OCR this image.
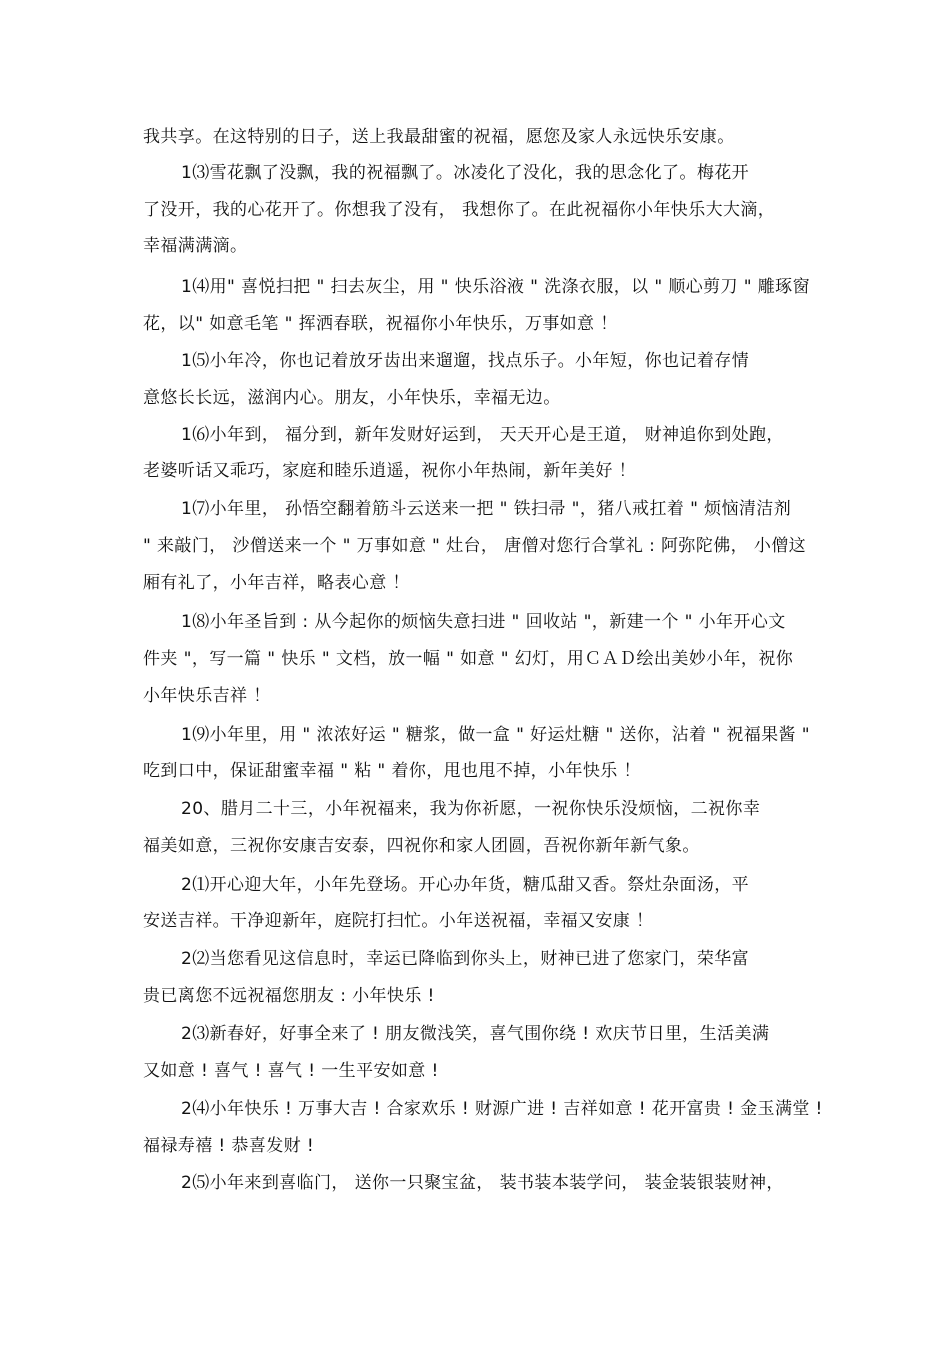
我共享。在这特别的日子，送上我最甜蜜的祝福，愿您及家人永远快乐安康。
1⑶雪花飘了没飘，我的祝福飘了。冰凌化了没化，我的思念化了。梅花开
了没开，我的心花开了。你想我了没有， 我想你了。在此祝福你小年快乐大大滴，
幸福满满滴。
1⑷用" 喜悦扫把 " 扫去灰尘，用 " 快乐浴液 " 洗涤衣服，以 " 顺心剪刀 " 雕琢窗
花，以" 如意毛笔 " 挥洒春联，祝福你小年快乐，万事如意 ！
1⑸小年冷，你也记着放牙齿出来遛遛，找点乐子。小年短，你也记着存情
意悠长长远，滋润内心。朋友，小年快乐，幸福无边。
1⑹小年到， 福分到，新年发财好运到， 天天开心是王道， 财神追你到处跑，
老婆听话又乖巧，家庭和睦乐逍遥，祝你小年热闹，新年美好 ！
1⑺小年里， 孙悟空翻着筋斗云送来一把 " 铁扫帚 "，猪八戒扛着 " 烦恼清洁剂
" 来敲门， 沙僧送来一个 " 万事如意 " 灶台， 唐僧对您行合掌礼 : 阿弥陀佛， 小僧这
厢有礼了，小年吉祥，略表心意 ！
1⑻小年圣旨到 : 从今起你的烦恼失意扫进 " 回收站 "，新建一个 " 小年开心文
件夹 "，写一篇 " 快乐 " 文档，放一幅 " 如意 " 幻灯，用ＣＡＤ绘出美妙小年，祝你
小年快乐吉祥 ！
1⑼小年里，用 " 浓浓好运 " 糖浆，做一盒 " 好运灶糖 " 送你，沾着 " 祝福果酱 "
吃到口中，保证甜蜜幸福 " 粘 " 着你，甩也甩不掉，小年快乐 ！
20、腊月二十三，小年祝福来，我为你祈愿，一祝你快乐没烦恼，二祝你幸
福美如意，三祝你安康吉安泰，四祝你和家人团圆，吾祝你新年新气象。
2⑴开心迎大年，小年先登场。开心办年货，糖瓜甜又香。祭灶杂面汤，平
安送吉祥。干净迎新年，庭院打扫忙。小年送祝福，幸福又安康 ！
2⑵当您看见这信息时，幸运已降临到你头上，财神已进了您家门，荣华富
贵已离您不远祝福您朋友 : 小年快乐 !
2⑶新春好，好事全来了 ! 朋友微浅笑，喜气围你绕 ! 欢庆节日里，生活美满
又如意 ! 喜气 ! 喜气 ! 一生平安如意 !
2⑷小年快乐 ! 万事大吉 ! 合家欢乐 ! 财源广进 ! 吉祥如意 ! 花开富贵 ! 金玉满堂 !
福禄寿禧 ! 恭喜发财 !
2⑸小年来到喜临门， 送你一只聚宝盆， 装书装本装学问， 装金装银装财神，
